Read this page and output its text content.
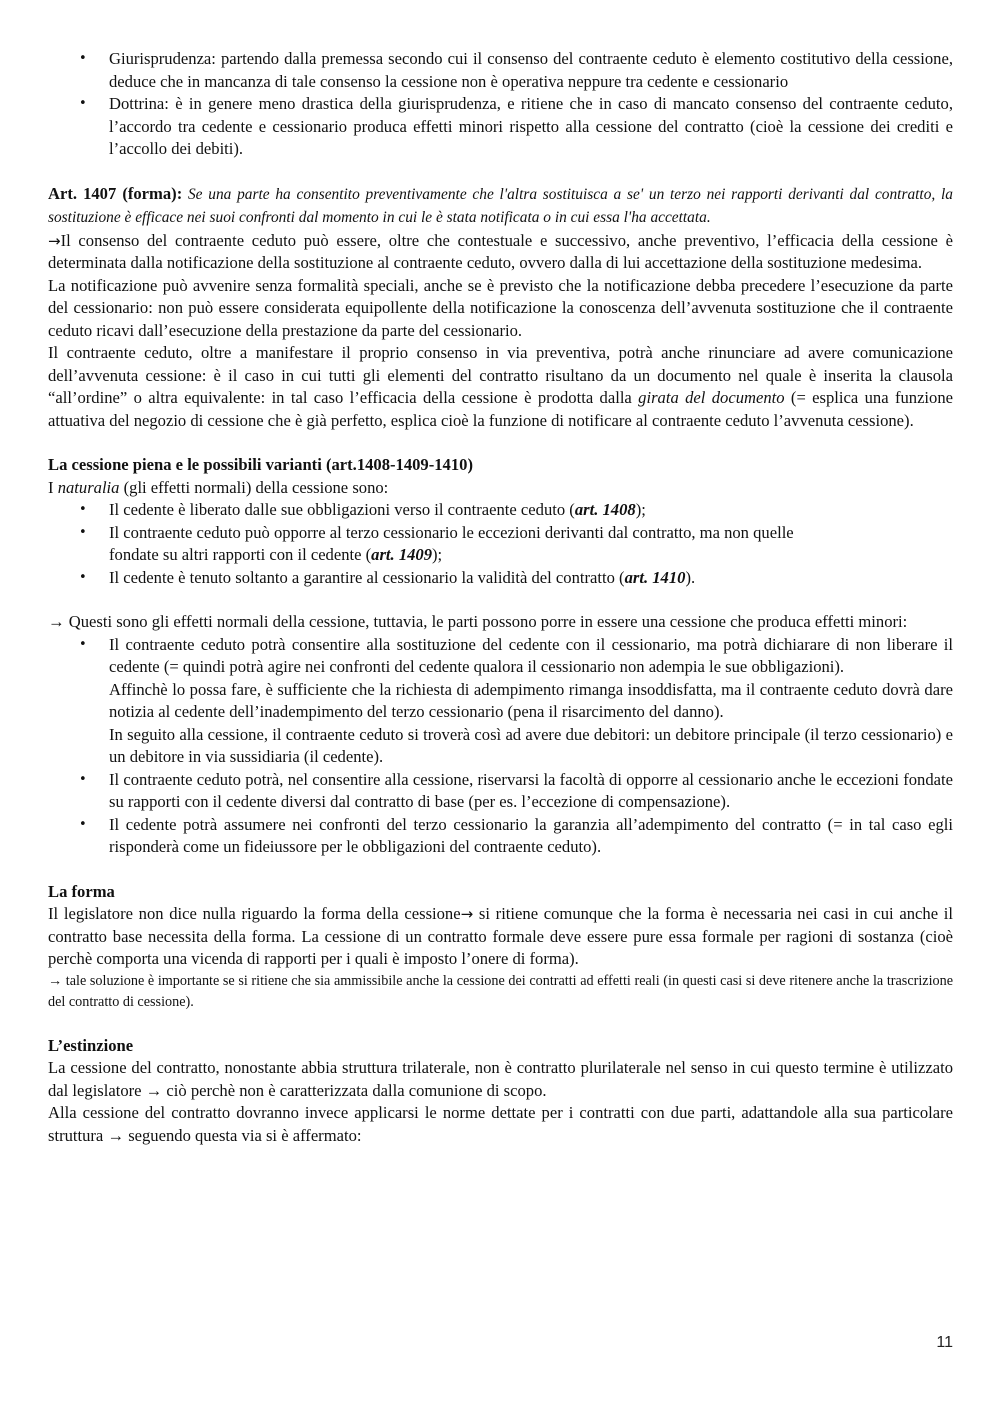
• Giurisprudenza: partendo dalla premessa secondo cui il consenso del contraente ceduto è elemento costitutivo della cessione, deduce che in mancanza di tale consenso la cessione non è operativa neppure tra cedente e cessionario
• Dottrina: è in genere meno drastica della giurisprudenza, e ritiene che in caso di mancato consenso del contraente ceduto, l’accordo tra cedente e cessionario produca effetti minori rispetto alla cessione del contratto (cioè la cessione dei crediti e l’accollo dei debiti).

Art. 1407 (forma): Se una parte ha consentito preventivamente che l'altra sostituisca a se' un terzo nei rapporti derivanti dal contratto, la sostituzione è efficace nei suoi confronti dal momento in cui le è stata notificata o in cui essa l'ha accettata.

→Il consenso del contraente ceduto può essere, oltre che contestuale e successivo, anche preventivo, l’efficacia della cessione è determinata dalla notificazione della sostituzione al contraente ceduto, ovvero dalla di lui accettazione della sostituzione medesima.

La notificazione può avvenire senza formalità speciali, anche se è previsto che la notificazione debba precedere l’esecuzione da parte del cessionario: non può essere considerata equipollente della notificazione la conoscenza dell’avvenuta sostituzione che il contraente ceduto ricavi dall’esecuzione della prestazione da parte del cessionario.

Il contraente ceduto, oltre a manifestare il proprio consenso in via preventiva, potrà anche rinunciare ad avere comunicazione dell’avvenuta cessione: è il caso in cui tutti gli elementi del contratto risultano da un documento nel quale è inserita la clausola “all’ordine” o altra equivalente: in tal caso l’efficacia della cessione è prodotta dalla girata del documento (= esplica una funzione attuativa del negozio di cessione che è già perfetto, esplica cioè la funzione di notificare al contraente ceduto l’avvenuta cessione).

La cessione piena e le possibili varianti (art.1408-1409-1410)

I naturalia (gli effetti normali) della cessione sono:

• Il cedente è liberato dalle sue obbligazioni verso il contraente ceduto (art. 1408);
• Il contraente ceduto può opporre al terzo cessionario le eccezioni derivanti dal contratto, ma non quelle fondate su altri rapporti con il cedente (art. 1409);
• Il cedente è tenuto soltanto a garantire al cessionario la validità del contratto (art. 1410).

→ Questi sono gli effetti normali della cessione, tuttavia, le parti possono porre in essere una cessione che produca effetti minori:

• Il contraente ceduto potrà consentire alla sostituzione del cedente con il cessionario, ma potrà dichiarare di non liberare il cedente (= quindi potrà agire nei confronti del cedente qualora il cessionario non adempia le sue obbligazioni).

Affinchè lo possa fare, è sufficiente che la richiesta di adempimento rimanga insoddisfatta, ma il contraente ceduto dovrà dare notizia al cedente dell’inadempimento del terzo cessionario (pena il risarcimento del danno).

In seguito alla cessione, il contraente ceduto si troverà così ad avere due debitori: un debitore principale (il terzo cessionario) e un debitore in via sussidiaria (il cedente).

• Il contraente ceduto potrà, nel consentire alla cessione, riservarsi la facoltà di opporre al cessionario anche le eccezioni fondate su rapporti con il cedente diversi dal contratto di base (per es. l’eccezione di compensazione).
• Il cedente potrà assumere nei confronti del terzo cessionario la garanzia all’adempimento del contratto (= in tal caso egli risponderà come un fideiussore per le obbligazioni del contraente ceduto).

La forma

Il legislatore non dice nulla riguardo la forma della cessione→ si ritiene comunque che la forma è necessaria nei casi in cui anche il contratto base necessita della forma. La cessione di un contratto formale deve essere pure essa formale per ragioni di sostanza (cioè perchè comporta una vicenda di rapporti per i quali è imposto l’onere di forma).

→ tale soluzione è importante se si ritiene che sia ammissibile anche la cessione dei contratti ad effetti reali (in questi casi si deve ritenere anche la trascrizione del contratto di cessione).

L’estinzione

La cessione del contratto, nonostante abbia struttura trilaterale, non è contratto plurilaterale nel senso in cui questo termine è utilizzato dal legislatore → ciò perchè non è caratterizzata dalla comunione di scopo.

Alla cessione del contratto dovranno invece applicarsi le norme dettate per i contratti con due parti, adattandole alla sua particolare struttura → seguendo questa via si è affermato:

11
